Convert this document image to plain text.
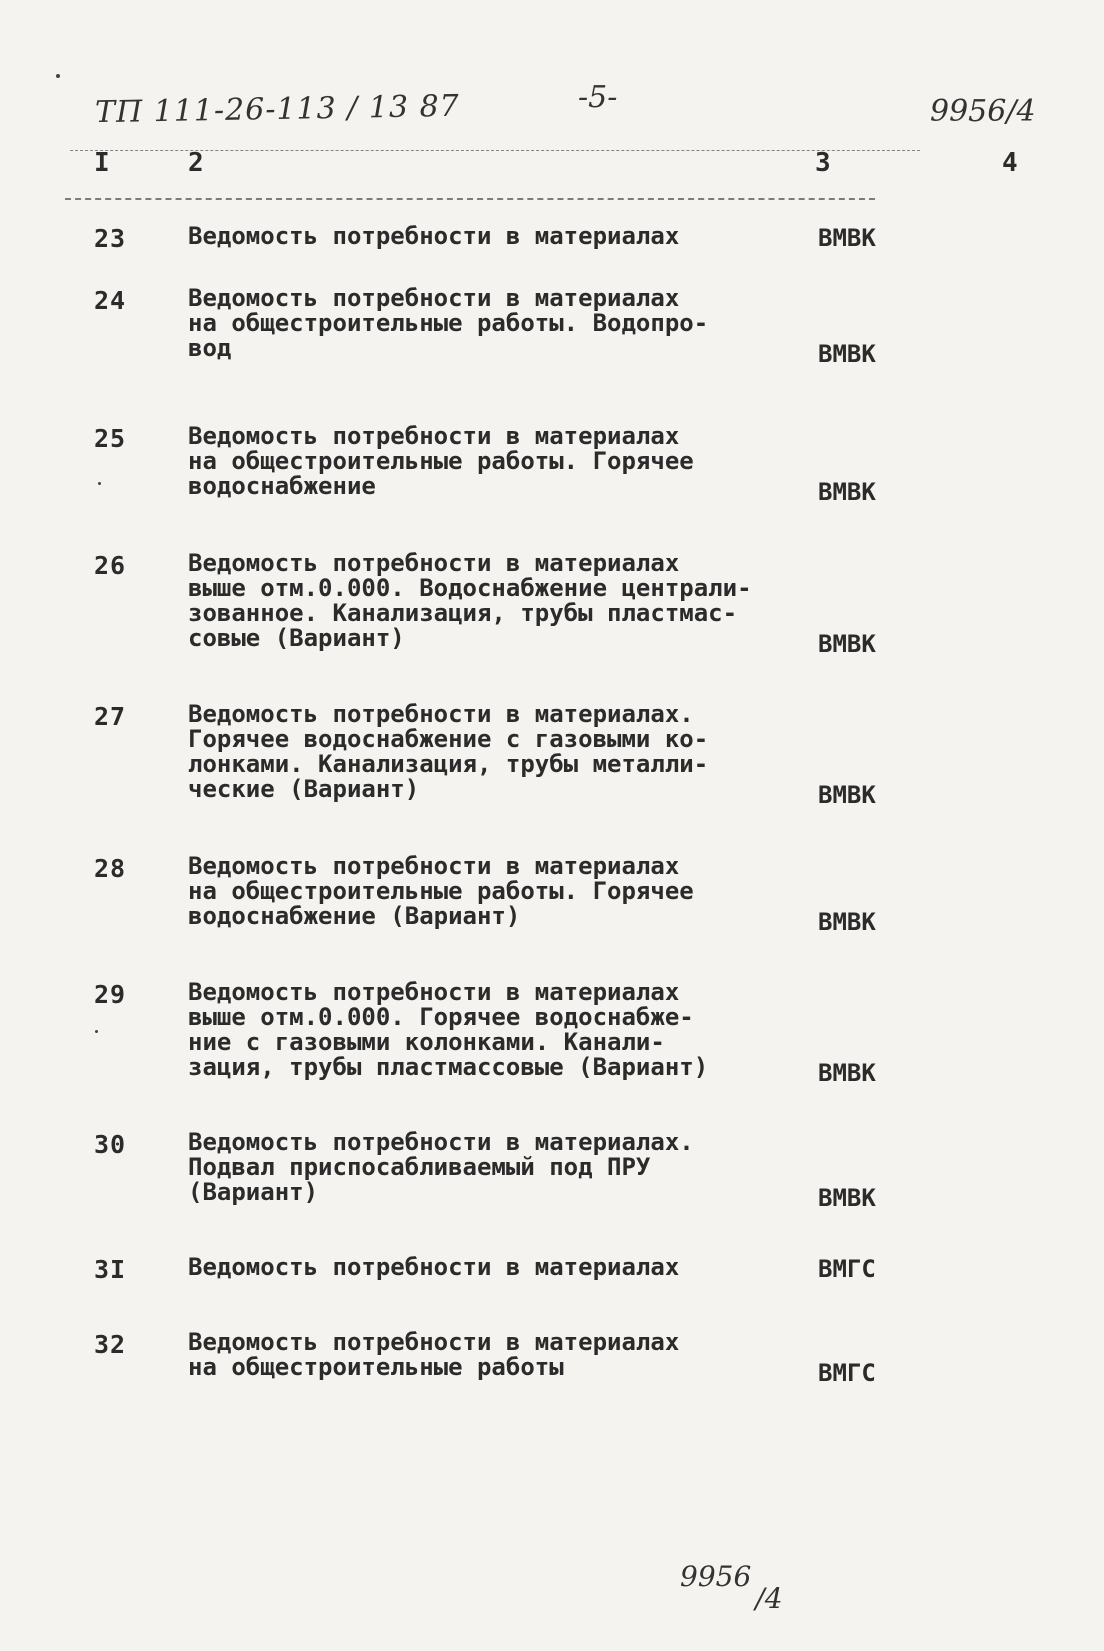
ТП 111-26-113 / 13 87	-5-	9956/4
I	2	3	4
23	Ведомость потребности в материалах	ВМВК
24	Ведомость потребности в материалах
на общестроительные работы. Водопро-
вод	ВМВК
25	Ведомость потребности в материалах
на общестроительные работы. Горячее
водоснабжение	ВМВК
26	Ведомость потребности в материалах
выше отм.0.000. Водоснабжение централи-
зованное. Канализация, трубы пластмас-
совые (Вариант)	ВМВК
27	Ведомость потребности в материалах.
Горячее водоснабжение с газовыми ко-
лонками. Канализация, трубы металли-
ческие (Вариант)	ВМВК
28	Ведомость потребности в материалах
на общестроительные работы. Горячее
водоснабжение (Вариант)	ВМВК
29	Ведомость потребности в материалах
выше отм.0.000. Горячее водоснабже-
ние с газовыми колонками. Канали-
зация, трубы пластмассовые (Вариант)	ВМВК
30	Ведомость потребности в материалах.
Подвал приспосабливаемый под ПРУ
(Вариант)	ВМВК
3I	Ведомость потребности в материалах	ВМГС
32	Ведомость потребности в материалах
на общестроительные работы	ВМГС
9956/4
